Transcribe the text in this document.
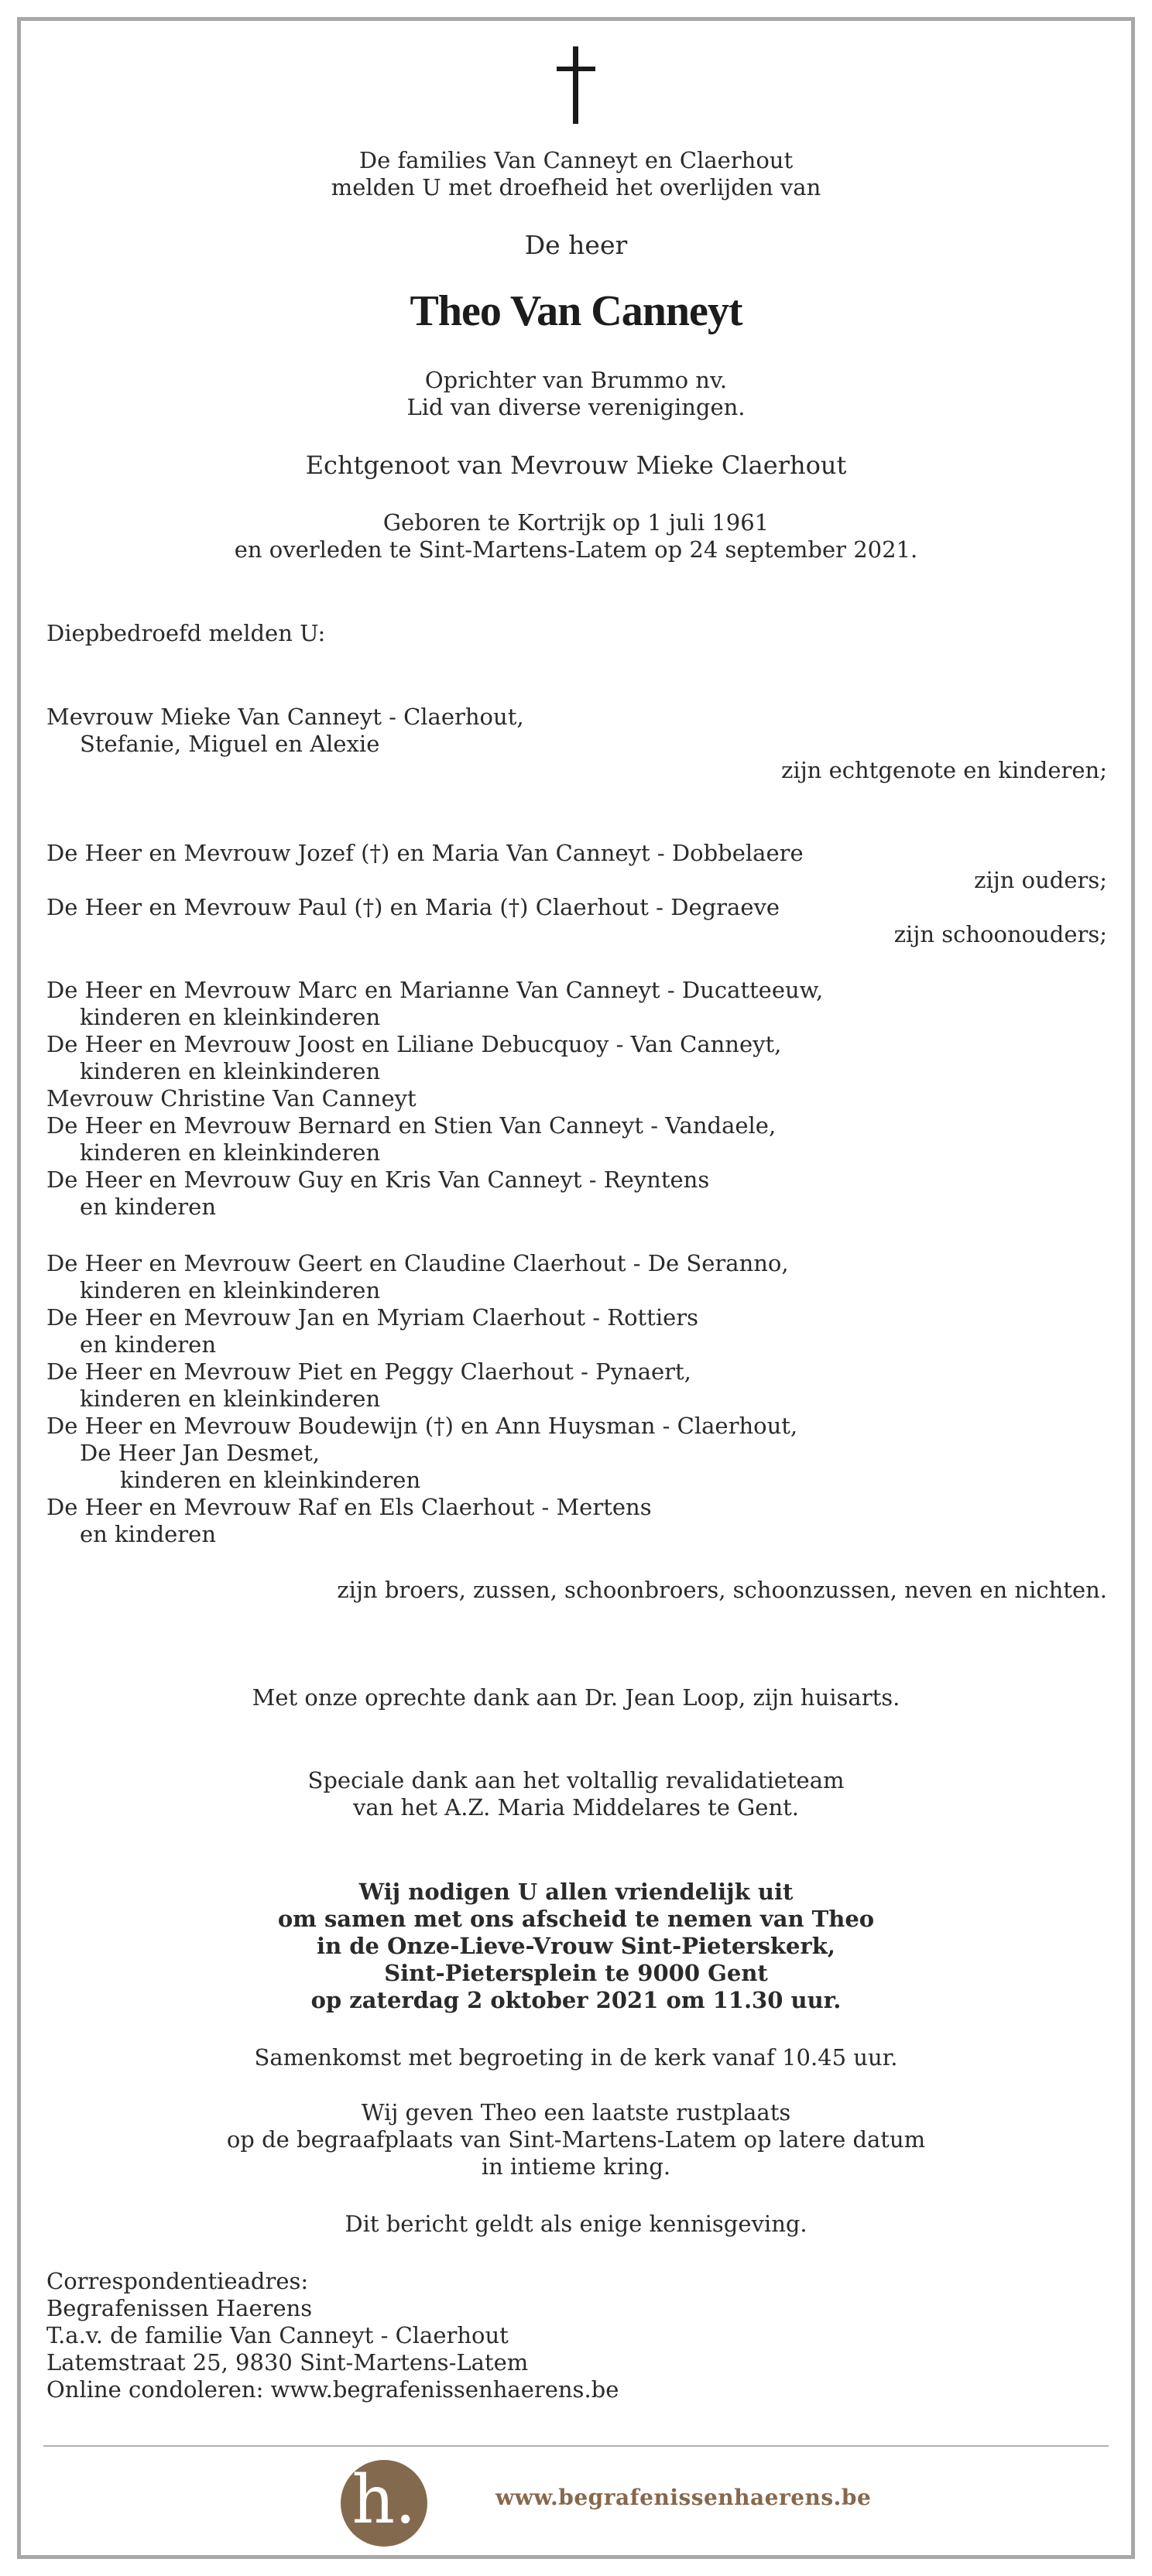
De families Van Canneyt en Claerhout
melden U met droefheid het overlijden van
De heer
Theo Van Canneyt
Oprichter van Brummo nv.
Lid van diverse verenigingen.
Echtgenoot van Mevrouw Mieke Claerhout
Geboren te Kortrijk op 1 juli 1961
en overleden te Sint-Martens-Latem op 24 september 2021.
Diepbedroefd melden U:
Mevrouw Mieke Van Canneyt - Claerhout,
Stefanie, Miguel en Alexie
zijn echtgenote en kinderen;
De Heer en Mevrouw Jozef (†) en Maria Van Canneyt - Dobbelaere
zijn ouders;
De Heer en Mevrouw Paul (†) en Maria (†) Claerhout - Degraeve
zijn schoonouders;
De Heer en Mevrouw Marc en Marianne Van Canneyt - Ducatteeuw,
kinderen en kleinkinderen
De Heer en Mevrouw Joost en Liliane Debucquoy - Van Canneyt,
kinderen en kleinkinderen
Mevrouw Christine Van Canneyt
De Heer en Mevrouw Bernard en Stien Van Canneyt - Vandaele,
kinderen en kleinkinderen
De Heer en Mevrouw Guy en Kris Van Canneyt - Reyntens
en kinderen
De Heer en Mevrouw Geert en Claudine Claerhout - De Seranno,
kinderen en kleinkinderen
De Heer en Mevrouw Jan en Myriam Claerhout - Rottiers
en kinderen
De Heer en Mevrouw Piet en Peggy Claerhout - Pynaert,
kinderen en kleinkinderen
De Heer en Mevrouw Boudewijn (†) en Ann Huysman - Claerhout,
De Heer Jan Desmet,
kinderen en kleinkinderen
De Heer en Mevrouw Raf en Els Claerhout - Mertens
en kinderen
zijn broers, zussen, schoonbroers, schoonzussen, neven en nichten.
Met onze oprechte dank aan Dr. Jean Loop, zijn huisarts.
Speciale dank aan het voltallig revalidatieteam
van het A.Z. Maria Middelares te Gent.
Wij nodigen U allen vriendelijk uit
om samen met ons afscheid te nemen van Theo
in de Onze-Lieve-Vrouw Sint-Pieterskerk,
Sint-Pietersplein te 9000 Gent
op zaterdag 2 oktober 2021 om 11.30 uur.
Samenkomst met begroeting in de kerk vanaf 10.45 uur.
Wij geven Theo een laatste rustplaats
op de begraafplaats van Sint-Martens-Latem op latere datum
in intieme kring.
Dit bericht geldt als enige kennisgeving.
Correspondentieadres:
Begrafenissen Haerens
T.a.v. de familie Van Canneyt - Claerhout
Latemstraat 25, 9830 Sint-Martens-Latem
Online condoleren: www.begrafenissenhaerens.be
h.	www.begrafenissenhaerens.be
